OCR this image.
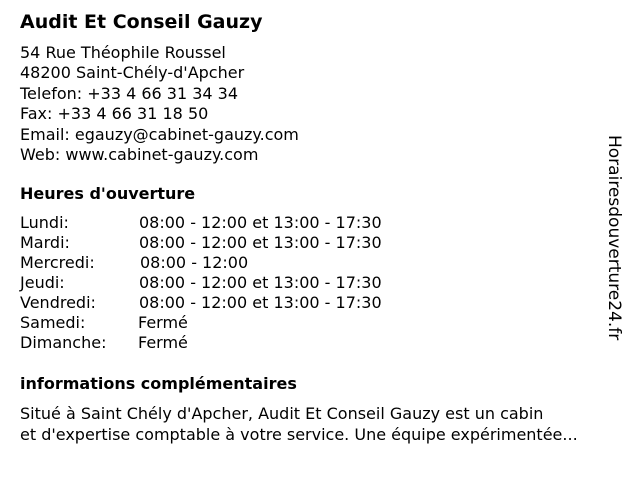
Audit Et Conseil Gauzy
54 Rue Théophile Roussel
48200 Saint-Chély-d'Apcher
Telefon: +33 4 66 31 34 34
Fax: +33 4 66 31 18 50
Email: egauzy@cabinet-gauzy.com
Web: www.cabinet-gauzy.com
Heures d'ouverture
Lundi:	08:00 - 12:00 et 13:00 - 17:30
Mardi:	08:00 - 12:00 et 13:00 - 17:30
Mercredi:	08:00 - 12:00
Jeudi:	08:00 - 12:00 et 13:00 - 17:30
Vendredi:	08:00 - 12:00 et 13:00 - 17:30
Samedi:	Fermé
Dimanche: Fermé
informations complémentaires
Situé à Saint Chély d'Apcher, Audit Et Conseil Gauzy est un cabin
et d'expertise comptable à votre service. Une équipe expérimentée...
Horairesdouverture24.fr
